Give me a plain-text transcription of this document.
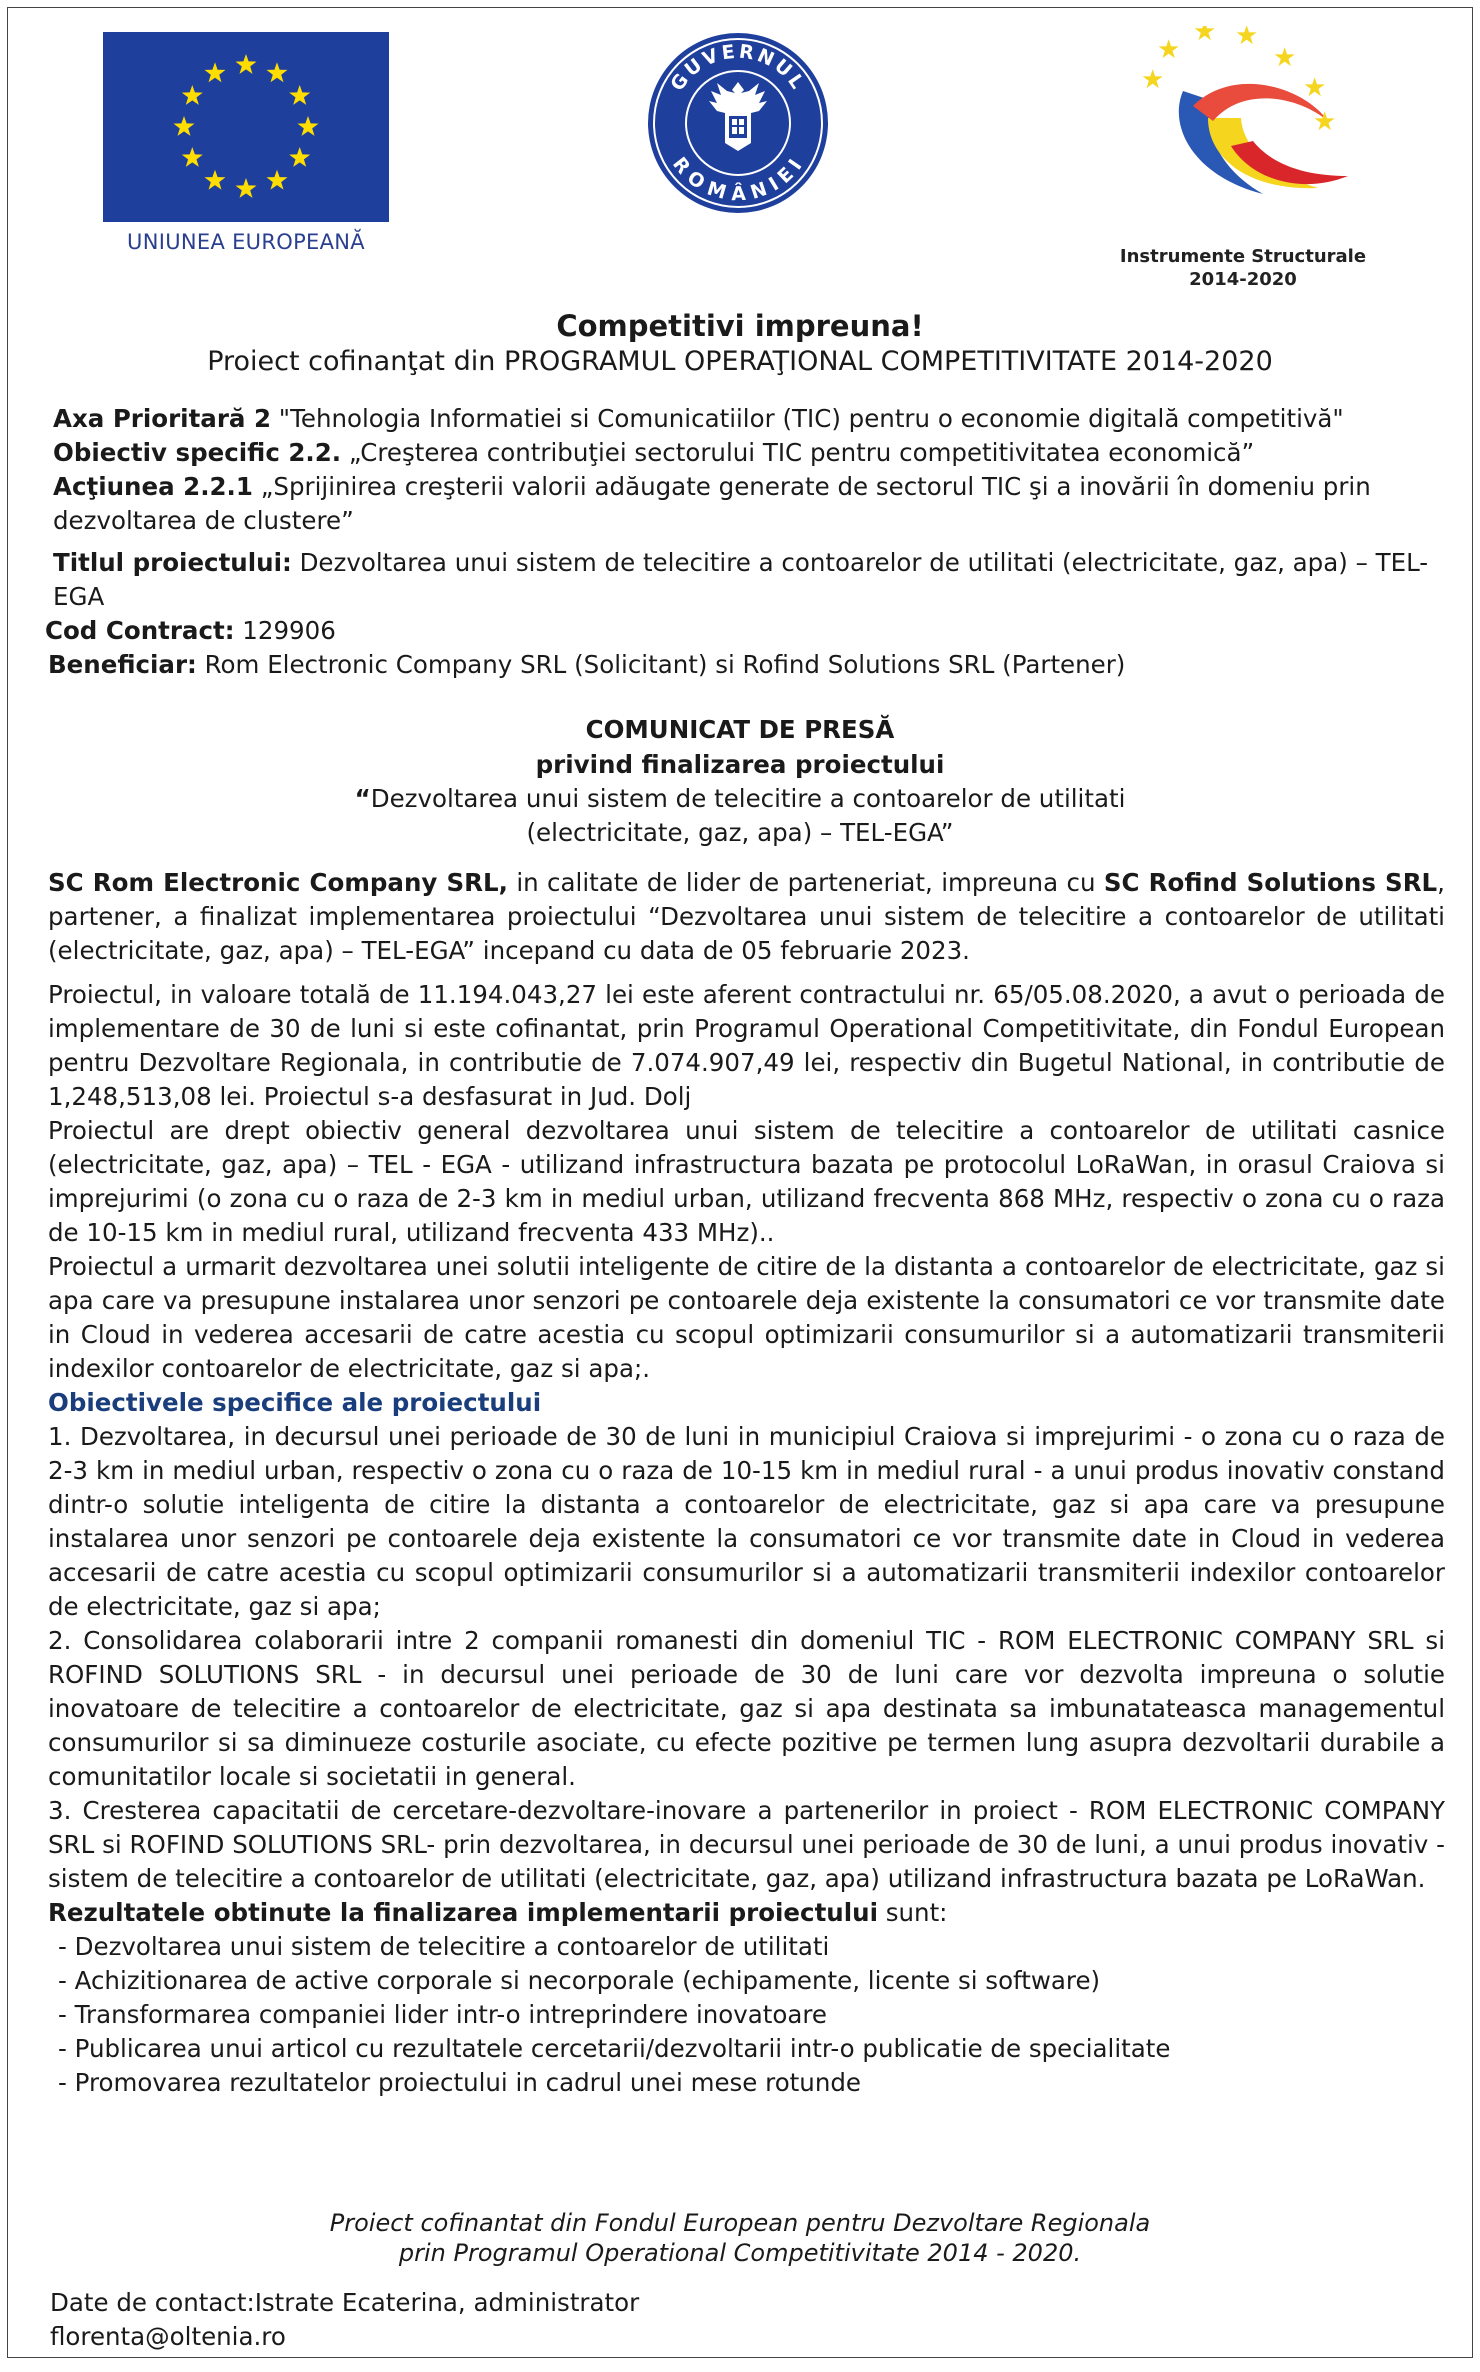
UNIUNEA EUROPEANĂ
GUVERNUL
ROMÂNIEI
★
★
★ ★
★
★
★
Instrumente Structurale
2014-2020
Competitivi impreuna!
Proiect cofinanţat din PROGRAMUL OPERAŢIONAL COMPETITIVITATE 2014-2020

Axa Prioritară 2 "Tehnologia Informatiei si Comunicatiilor (TIC) pentru o economie digitală competitivă"

Obiectiv specific 2.2. „Creşterea contribuţiei sectorului TIC pentru competitivitatea economică”

Acţiunea 2.2.1 „Sprijinirea creşterii valorii adăugate generate de sectorul TIC şi a inovării în domeniu prin dezvoltarea de clustere”

Titlul proiectului: Dezvoltarea unui sistem de telecitire a contoarelor de utilitati (electricitate, gaz, apa) – TEL-EGA

Cod Contract: 129906

Beneficiar: Rom Electronic Company SRL (Solicitant) si Rofind Solutions SRL (Partener)

COMUNICAT DE PRESĂ
privind finalizarea proiectului
“Dezvoltarea unui sistem de telecitire a contoarelor de utilitati
(electricitate, gaz, apa) – TEL-EGA”

SC Rom Electronic Company SRL, in calitate de lider de parteneriat, impreuna cu SC Rofind Solutions SRL, partener, a finalizat implementarea proiectului “Dezvoltarea unui sistem de telecitire a contoarelor de utilitati (electricitate, gaz, apa) – TEL-EGA” incepand cu data de 05 februarie 2023.

Proiectul, in valoare totală de 11.194.043,27 lei este aferent contractului nr. 65/05.08.2020, a avut o perioada de implementare de 30 de luni si este cofinantat, prin Programul Operational Competitivitate, din Fondul European pentru Dezvoltare Regionala, in contributie de 7.074.907,49 lei, respectiv din Bugetul National, in contributie de 1,248,513,08 lei. Proiectul s-a desfasurat in Jud. Dolj

Proiectul are drept obiectiv general dezvoltarea unui sistem de telecitire a contoarelor de utilitati casnice (electricitate, gaz, apa) – TEL - EGA - utilizand infrastructura bazata pe protocolul LoRaWan, in orasul Craiova si imprejurimi (o zona cu o raza de 2-3 km in mediul urban, utilizand frecventa 868 MHz, respectiv o zona cu o raza de 10-15 km in mediul rural, utilizand frecventa 433 MHz)..

Proiectul a urmarit dezvoltarea unei solutii inteligente de citire de la distanta a contoarelor de electricitate, gaz si apa care va presupune instalarea unor senzori pe contoarele deja existente la consumatori ce vor transmite date in Cloud in vederea accesarii de catre acestia cu scopul optimizarii consumurilor si a automatizarii transmiterii indexilor contoarelor de electricitate, gaz si apa;.

Obiectivele specifice ale proiectului

1. Dezvoltarea, in decursul unei perioade de 30 de luni in municipiul Craiova si imprejurimi - o zona cu o raza de 2-3 km in mediul urban, respectiv o zona cu o raza de 10-15 km in mediul rural - a unui produs inovativ constand dintr-o solutie inteligenta de citire la distanta a contoarelor de electricitate, gaz si apa care va presupune instalarea unor senzori pe contoarele deja existente la consumatori ce vor transmite date in Cloud in vederea accesarii de catre acestia cu scopul optimizarii consumurilor si a automatizarii transmiterii indexilor contoarelor de electricitate, gaz si apa;

2. Consolidarea colaborarii intre 2 companii romanesti din domeniul TIC - ROM ELECTRONIC COMPANY SRL si ROFIND SOLUTIONS SRL - in decursul unei perioade de 30 de luni care vor dezvolta impreuna o solutie inovatoare de telecitire a contoarelor de electricitate, gaz si apa destinata sa imbunatateasca managementul consumurilor si sa diminueze costurile asociate, cu efecte pozitive pe termen lung asupra dezvoltarii durabile a comunitatilor locale si societatii in general.

3. Cresterea capacitatii de cercetare-dezvoltare-inovare a partenerilor in proiect - ROM ELECTRONIC COMPANY SRL si ROFIND SOLUTIONS SRL- prin dezvoltarea, in decursul unei perioade de 30 de luni, a unui produs inovativ - sistem de telecitire a contoarelor de utilitati (electricitate, gaz, apa) utilizand infrastructura bazata pe LoRaWan.

Rezultatele obtinute la finalizarea implementarii proiectului sunt:

- Dezvoltarea unui sistem de telecitire a contoarelor de utilitati
- Achizitionarea de active corporale si necorporale (echipamente, licente si software)
- Transformarea companiei lider intr-o intreprindere inovatoare
- Publicarea unui articol cu rezultatele cercetarii/dezvoltarii intr-o publicatie de specialitate
- Promovarea rezultatelor proiectului in cadrul unei mese rotunde
Proiect cofinantat din Fondul European pentru Dezvoltare Regionala
prin Programul Operational Competitivitate 2014 - 2020.
Date de contact:Istrate Ecaterina, administrator
florenta@oltenia.ro
